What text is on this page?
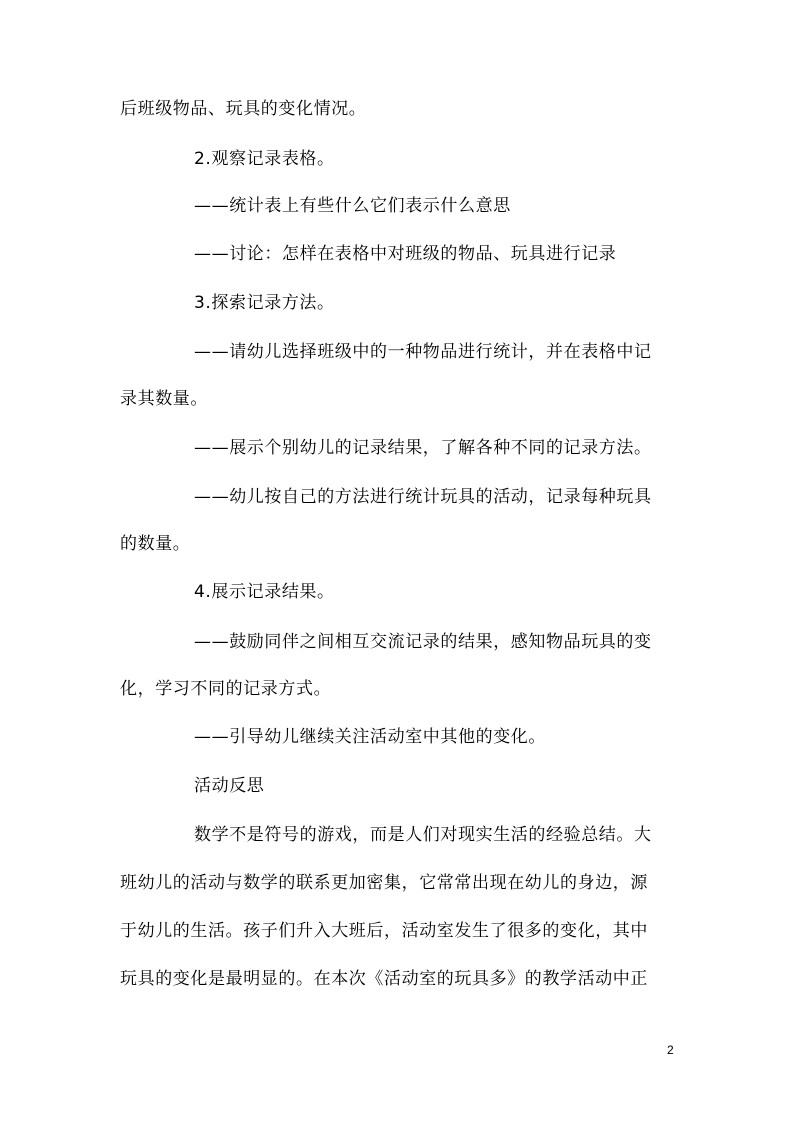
后班级物品、玩具的变化情况。
2.观察记录表格。
——统计表上有些什么它们表示什么意思
——讨论：怎样在表格中对班级的物品、玩具进行记录
3.探索记录方法。
——请幼儿选择班级中的一种物品进行统计，并在表格中记
录其数量。
——展示个别幼儿的记录结果，了解各种不同的记录方法。
——幼儿按自己的方法进行统计玩具的活动，记录每种玩具
的数量。
4.展示记录结果。
——鼓励同伴之间相互交流记录的结果，感知物品玩具的变
化，学习不同的记录方式。
——引导幼儿继续关注活动室中其他的变化。
活动反思
数学不是符号的游戏，而是人们对现实生活的经验总结。大
班幼儿的活动与数学的联系更加密集，它常常出现在幼儿的身边，源
于幼儿的生活。孩子们升入大班后，活动室发生了很多的变化，其中
玩具的变化是最明显的。在本次《活动室的玩具多》的教学活动中正
2
